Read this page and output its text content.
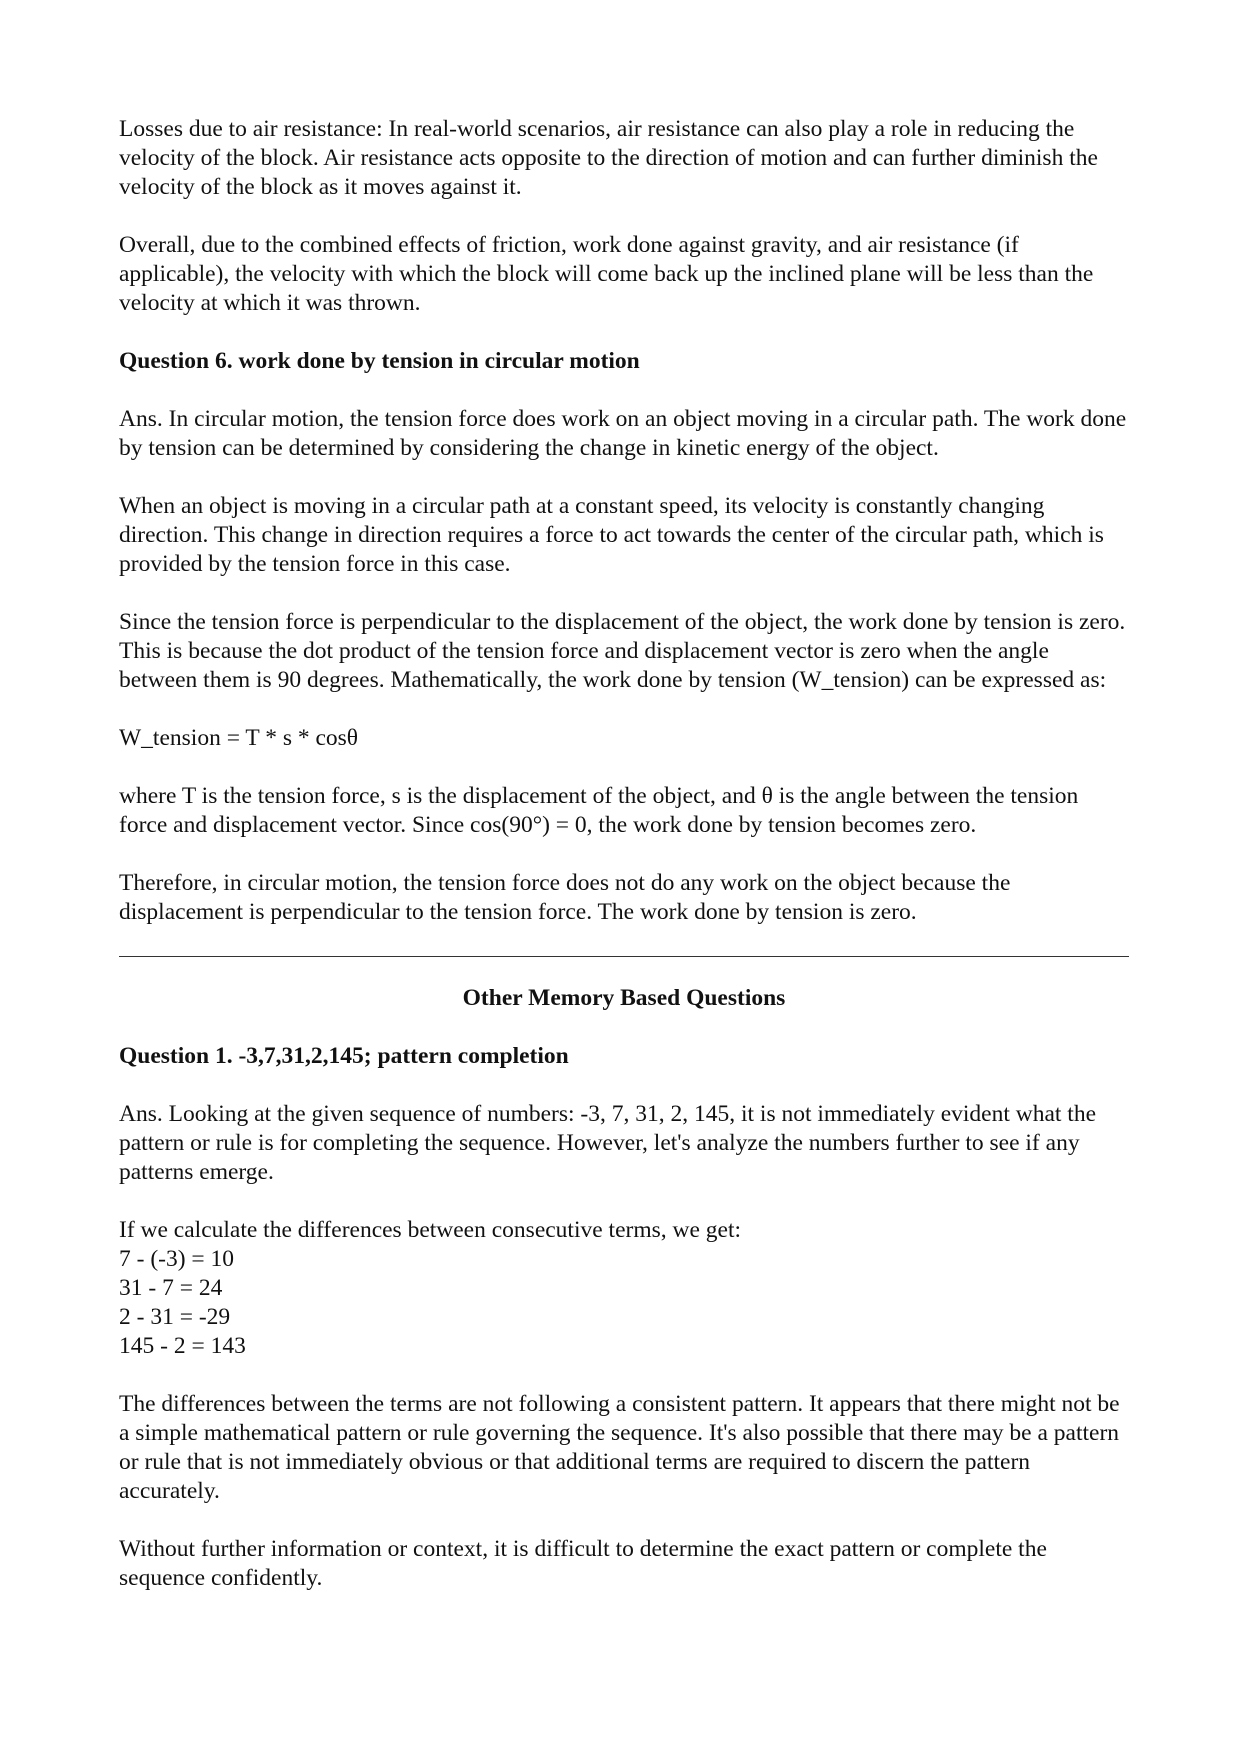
Losses due to air resistance: In real-world scenarios, air resistance can also play a role in reducing the velocity of the block. Air resistance acts opposite to the direction of motion and can further diminish the velocity of the block as it moves against it.

Overall, due to the combined effects of friction, work done against gravity, and air resistance (if applicable), the velocity with which the block will come back up the inclined plane will be less than the velocity at which it was thrown.

Question 6. work done by tension in circular motion

Ans. In circular motion, the tension force does work on an object moving in a circular path. The work done by tension can be determined by considering the change in kinetic energy of the object.

When an object is moving in a circular path at a constant speed, its velocity is constantly changing direction. This change in direction requires a force to act towards the center of the circular path, which is provided by the tension force in this case.

Since the tension force is perpendicular to the displacement of the object, the work done by tension is zero. This is because the dot product of the tension force and displacement vector is zero when the angle between them is 90 degrees. Mathematically, the work done by tension (W_tension) can be expressed as:

W_tension = T * s * cosθ

where T is the tension force, s is the displacement of the object, and θ is the angle between the tension force and displacement vector. Since cos(90°) = 0, the work done by tension becomes zero.

Therefore, in circular motion, the tension force does not do any work on the object because the displacement is perpendicular to the tension force. The work done by tension is zero.

Other Memory Based Questions

Question 1. -3,7,31,2,145; pattern completion

Ans. Looking at the given sequence of numbers: -3, 7, 31, 2, 145, it is not immediately evident what the pattern or rule is for completing the sequence. However, let's analyze the numbers further to see if any patterns emerge.

If we calculate the differences between consecutive terms, we get:
7 - (-3) = 10
31 - 7 = 24
2 - 31 = -29
145 - 2 = 143

The differences between the terms are not following a consistent pattern. It appears that there might not be a simple mathematical pattern or rule governing the sequence. It's also possible that there may be a pattern or rule that is not immediately obvious or that additional terms are required to discern the pattern accurately.

Without further information or context, it is difficult to determine the exact pattern or complete the sequence confidently.
